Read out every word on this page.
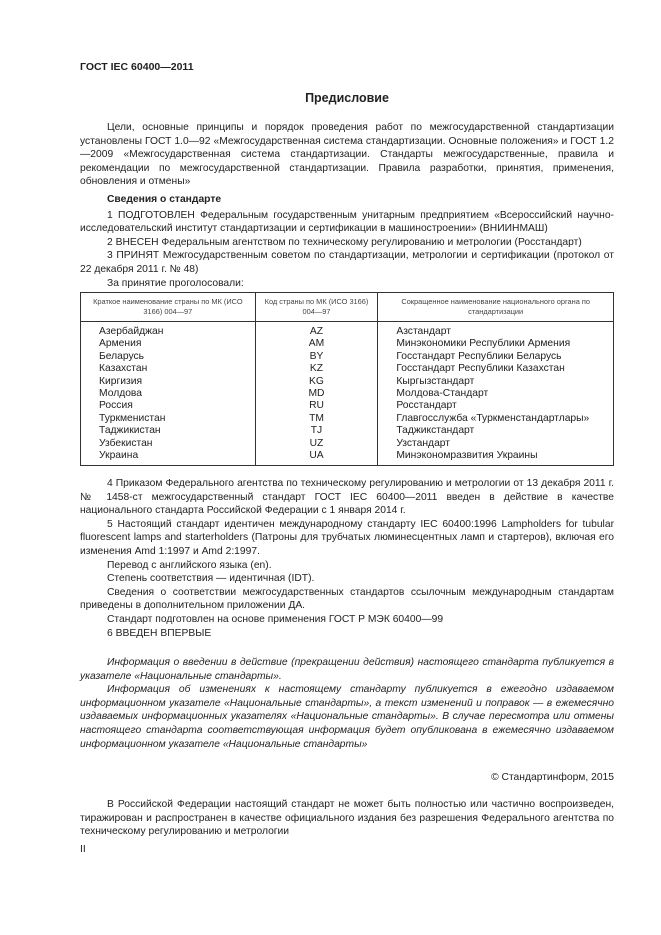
ГОСТ IEC 60400—2011
Предисловие

Цели, основные принципы и порядок проведения работ по межгосударственной стандартизации установлены ГОСТ 1.0—92 «Межгосударственная система стандартизации. Основные положения» и ГОСТ 1.2—2009 «Межгосударственная система стандартизации. Стандарты межгосударственные, правила и рекомендации по межгосударственной стандартизации. Правила разработки, принятия, применения, обновления и отмены»

Сведения о стандарте

1 ПОДГОТОВЛЕН Федеральным государственным унитарным предприятием «Всероссийский научно-исследовательский институт стандартизации и сертификации в машиностроении» (ВНИИНМАШ)

2 ВНЕСЕН Федеральным агентством по техническому регулированию и метрологии (Росстандарт)

3 ПРИНЯТ Межгосударственным советом по стандартизации, метрологии и сертификации (протокол от 22 декабря 2011 г. № 48)

За принятие проголосовали:

Краткое наименование страны по МК (ИСО 3166) 004—97	Код страны по МК (ИСО 3166) 004—97	Сокращенное наименование национального органа по стандартизации
Азербайджан	AZ	Азстандарт
Армения	AM	Минэкономики Республики Армения
Беларусь	BY	Госстандарт Республики Беларусь
Казахстан	KZ	Госстандарт Республики Казахстан
Киргизия	KG	Кыргызстандарт
Молдова	MD	Молдова-Стандарт
Россия	RU	Росстандарт
Туркменистан	TM	Главгосслужба «Туркменстандартлары»
Таджикистан	TJ	Таджикстандарт
Узбекистан	UZ	Узстандарт
Украина	UA	Минэкономразвития Украины

4 Приказом Федерального агентства по техническому регулированию и метрологии от 13 декабря 2011 г. № 1458-ст межгосударственный стандарт ГОСТ IEC 60400—2011 введен в действие в качестве национального стандарта Российской Федерации с 1 января 2014 г.

5 Настоящий стандарт идентичен международному стандарту IEC 60400:1996 Lampholders for tubular fluorescent lamps and starterholders (Патроны для трубчатых люминесцентных ламп и стартеров), включая его изменения Amd 1:1997 и Amd 2:1997.

Перевод с английского языка (en).

Степень соответствия — идентичная (IDT).

Сведения о соответствии межгосударственных стандартов ссылочным международным стандартам приведены в дополнительном приложении ДА.

Стандарт подготовлен на основе применения ГОСТ Р МЭК 60400—99

6 ВВЕДЕН ВПЕРВЫЕ

Информация о введении в действие (прекращении действия) настоящего стандарта публикуется в указателе «Национальные стандарты».

Информация об изменениях к настоящему стандарту публикуется в ежегодно издаваемом информационном указателе «Национальные стандарты», а текст изменений и поправок — в ежемесячно издаваемых информационных указателях «Национальные стандарты». В случае пересмотра или отмены настоящего стандарта соответствующая информация будет опубликована в ежемесячно издаваемом информационном указателе «Национальные стандарты»

© Стандартинформ, 2015

В Российской Федерации настоящий стандарт не может быть полностью или частично воспроизведен, тиражирован и распространен в качестве официального издания без разрешения Федерального агентства по техническому регулированию и метрологии

II
